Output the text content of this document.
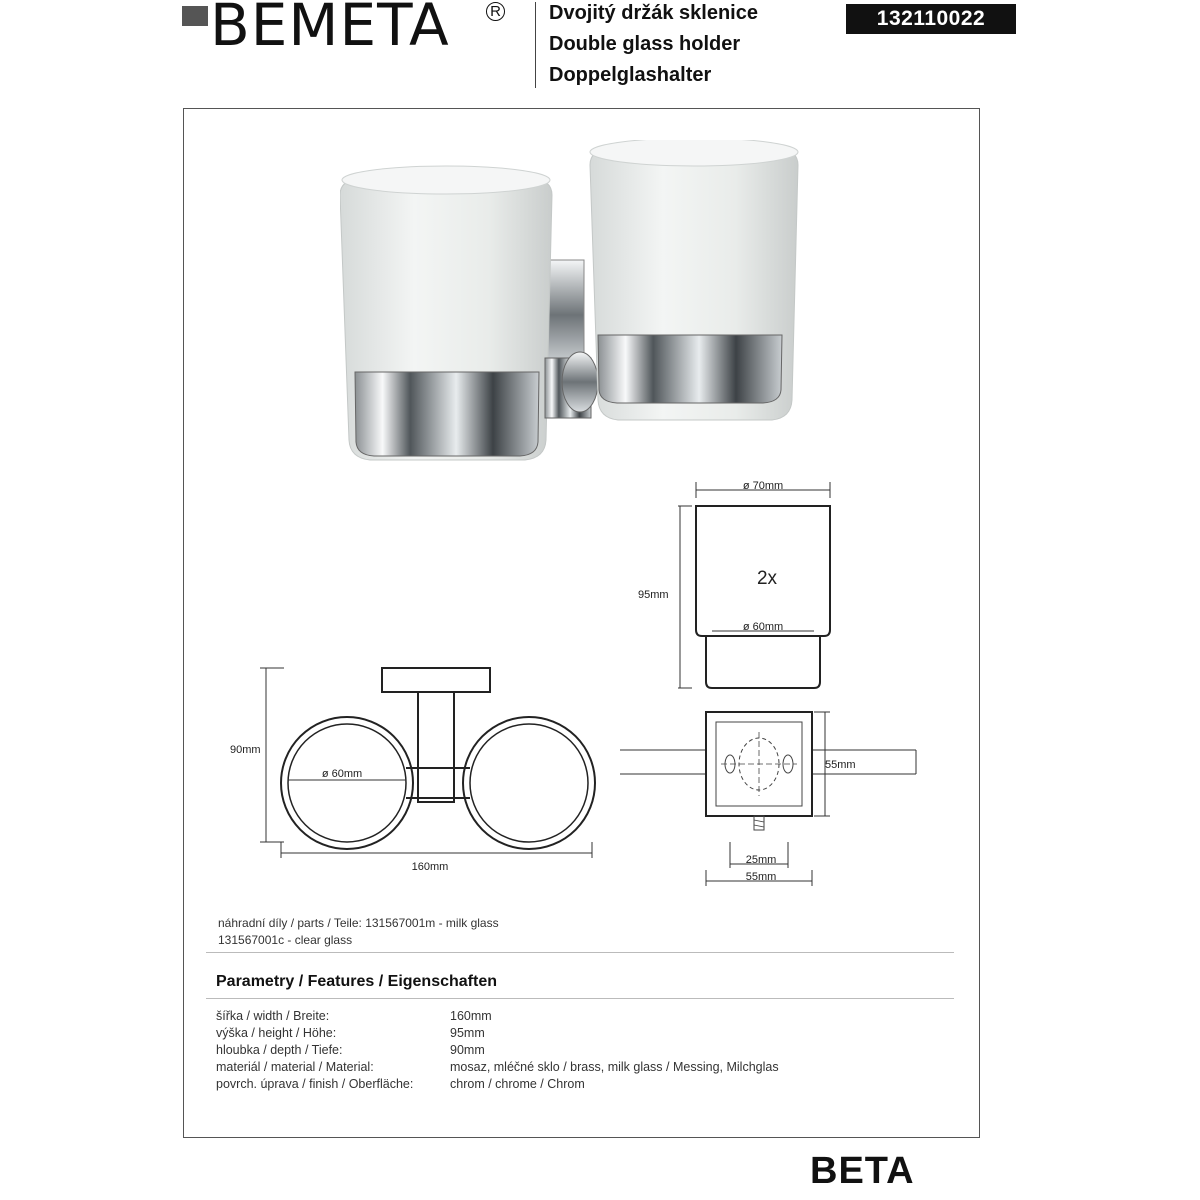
BEMETA	R Dvojitý držák sklenice
Double glass holder
Doppelglashalter
132110022
ø 70mm
ø 60mm
2x
95mm
55mm
25mm
55mm
90mm
ø 60mm
160mm
náhradní díly / parts / Teile: 131567001m - milk glass
131567001c - clear glass
Parametry / Features / Eigenschaften
šířka / width / Breite:	160mm
výška / height / Höhe:	95mm
hloubka / depth / Tiefe:	90mm
materiál / material / Material:	mosaz, mléčné sklo / brass, milk glass / Messing, Milchglas
povrch. úprava / finish / Oberfläche:	chrom / chrome / Chrom
BETA
